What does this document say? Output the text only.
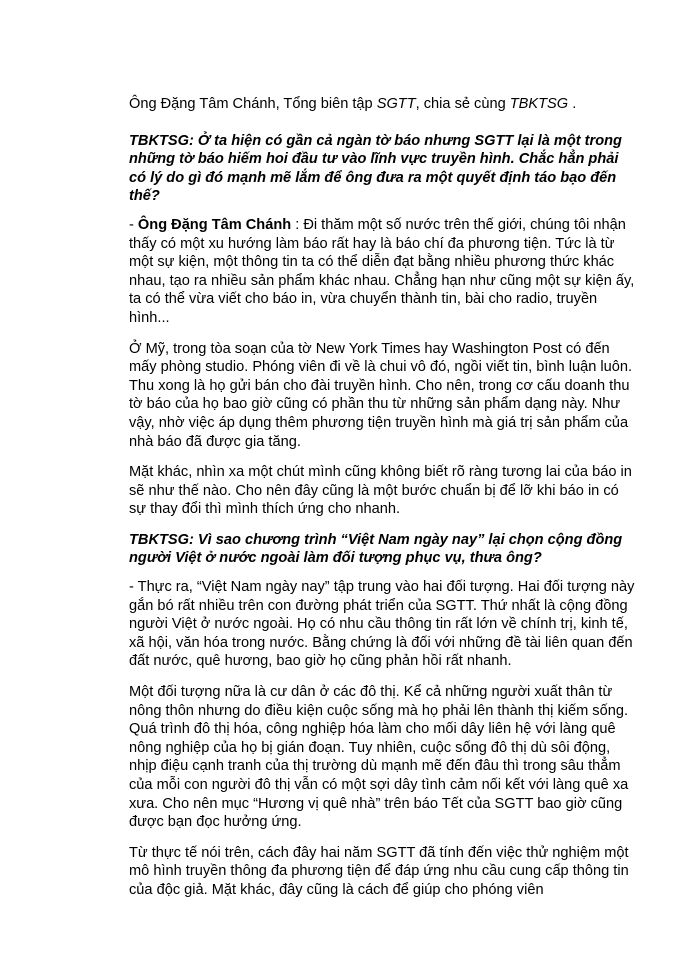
Ông Đặng Tâm Chánh, Tổng biên tập SGTT, chia sẻ cùng TBKTSG .

TBKTSG: Ở ta hiện có gần cả ngàn tờ báo nhưng SGTT lại là một trong những tờ báo hiếm hoi đầu tư vào lĩnh vực truyền hình. Chắc hẳn phải có lý do gì đó mạnh mẽ lắm để ông đưa ra một quyết định táo bạo đến thế?

- Ông Đặng Tâm Chánh : Đi thăm một số nước trên thế giới, chúng tôi nhận thấy có một xu hướng làm báo rất hay là báo chí đa phương tiện. Tức là từ một sự kiện, một thông tin ta có thể diễn đạt bằng nhiều phương thức khác nhau, tạo ra nhiều sản phẩm khác nhau. Chẳng hạn như cũng một sự kiện ấy, ta có thể vừa viết cho báo in, vừa chuyển thành tin, bài cho radio, truyền hình...

Ở Mỹ, trong tòa soạn của tờ New York Times hay Washington Post có đến mấy phòng studio. Phóng viên đi về là chui vô đó, ngồi viết tin, bình luận luôn. Thu xong là họ gửi bán cho đài truyền hình. Cho nên, trong cơ cấu doanh thu tờ báo của họ bao giờ cũng có phần thu từ những sản phẩm dạng này. Như vậy, nhờ việc áp dụng thêm phương tiện truyền hình mà giá trị sản phẩm của nhà báo đã được gia tăng.

Mặt khác, nhìn xa một chút mình cũng không biết rõ ràng tương lai của báo in sẽ như thế nào. Cho nên đây cũng là một bước chuẩn bị để lỡ khi báo in có sự thay đổi thì mình thích ứng cho nhanh.

TBKTSG: Vì sao chương trình “Việt Nam ngày nay” lại chọn cộng đồng người Việt ở nước ngoài làm đối tượng phục vụ, thưa ông?

- Thực ra, “Việt Nam ngày nay” tập trung vào hai đối tượng. Hai đối tượng này gắn bó rất nhiều trên con đường phát triển của SGTT. Thứ nhất là cộng đồng người Việt ở nước ngoài. Họ có nhu cầu thông tin rất lớn về chính trị, kinh tế, xã hội, văn hóa trong nước. Bằng chứng là đối với những đề tài liên quan đến đất nước, quê hương, bao giờ họ cũng phản hồi rất nhanh.

Một đối tượng nữa là cư dân ở các đô thị. Kể cả những người xuất thân từ nông thôn nhưng do điều kiện cuộc sống mà họ phải lên thành thị kiếm sống. Quá trình đô thị hóa, công nghiệp hóa làm cho mối dây liên hệ với làng quê nông nghiệp của họ bị gián đoạn. Tuy nhiên, cuộc sống đô thị dù sôi động, nhịp điệu cạnh tranh của thị trường dù mạnh mẽ đến đâu thì trong sâu thẳm của mỗi con người đô thị vẫn có một sợi dây tình cảm nối kết với làng quê xa xưa. Cho nên mục “Hương vị quê nhà” trên báo Tết của SGTT bao giờ cũng được bạn đọc hưởng ứng.

Từ thực tế nói trên, cách đây hai năm SGTT đã tính đến việc thử nghiệm một mô hình truyền thông đa phương tiện để đáp ứng nhu cầu cung cấp thông tin của độc giả. Mặt khác, đây cũng là cách để giúp cho phóng viên
